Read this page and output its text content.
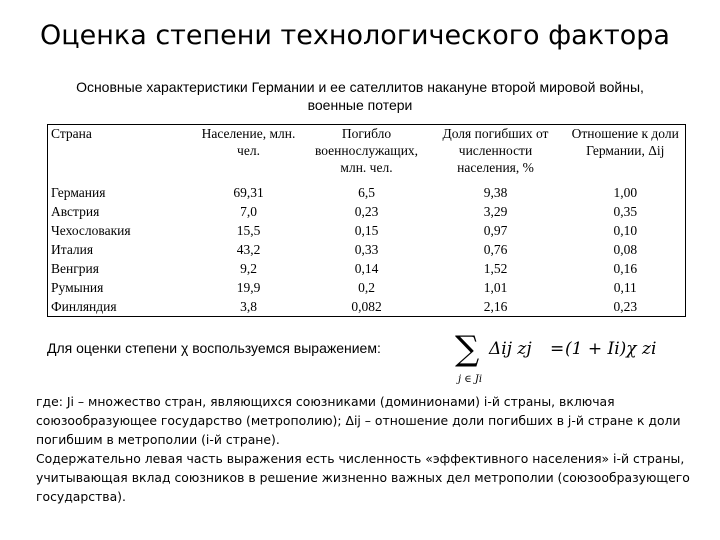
Оценка степени технологического фактора
Основные характеристики Германии и ее сателлитов накануне второй мировой войны,
военные потери
Страна	Население, млн. чел.	Погибло военнослужащих, млн. чел.	Доля погибших от численности населения, %	Отношение к доли Германии, Δij
Германия	69,31	6,5	9,38	1,00
Австрия	7,0	0,23	3,29	0,35
Чехословакия	15,5	0,15	0,97	0,10
Италия	43,2	0,33	0,76	0,08
Венгрия	9,2	0,14	1,52	0,16
Румыния	19,9	0,2	1,01	0,11
Финляндия	3,8	0,082	2,16	0,23
Для оценки степени χ воспользуемся выражением: ∑
j ∈ Ji
Δij zj = (1 + Ii)χ zi

где: Ji – множество стран, являющихся союзниками (доминионами) i-й страны, включая союзообразующее государство (метрополию); Δij – отношение доли погибших в j-й стране к доли погибшим в метрополии (i-й стране).

Содержательно левая часть выражения есть численность «эффективного населения» i-й страны, учитывающая вклад союзников в решение жизненно важных дел метрополии (союзообразующего государства).
